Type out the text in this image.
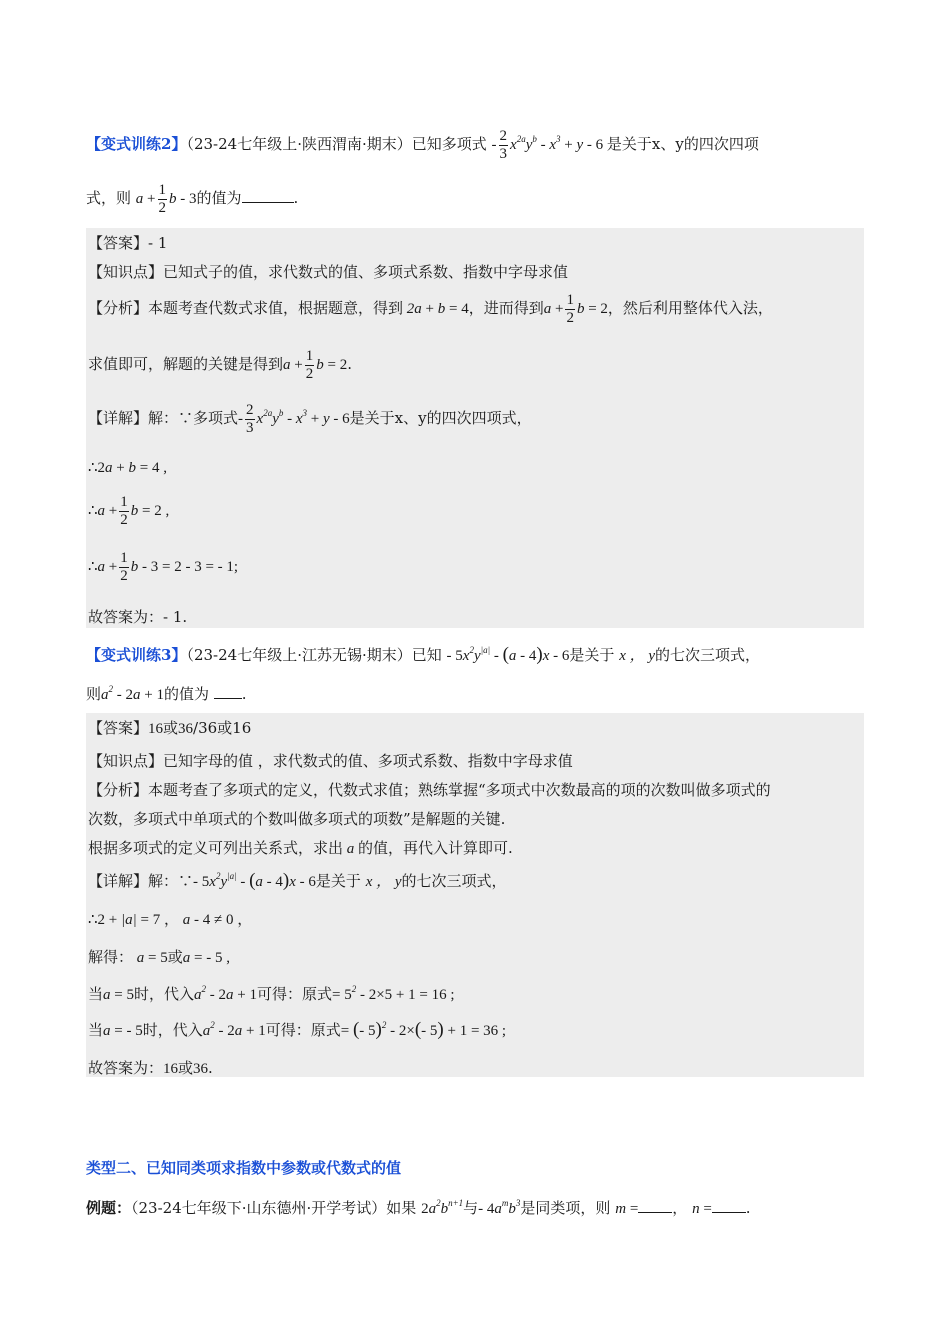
【变式训练2】（23-24七年级上·陕西渭南·期末）已知多项式 - $\frac{2}{3} x^{2a}y^b - x^3 + y - 6$ 是关于x、y的四次四项
式，则 $a + \frac{1}{2}$ b - 3的值为	.
【答案】- 1
【知识点】已知式子的值，求代数式的值、多项式系数、指数中字母求值
【分析】本题考查代数式求值，根据题意，得到 2a + b = 4，进而得到$a + \frac{1}{2}$ b = 2，然后利用整体代入法，
求值即可，解题的关键是得到$a + \frac{1}{2}$ b = 2.
【详解】解：∵多项式- $\frac{2}{3} x^{2a}y^b - x^3 + y - 6$是关于x、y的四次四项式，
∴2a + b = 4 ,
∴a + $\frac{1}{2}$ b = 2 ,
∴a + $\frac{1}{2}$ b - 3 = 2 - 3 = - 1;
故答案为：- 1.
【变式训练3】（23-24七年级上·江苏无锡·期末）已知 - $5x^2y^{|a|} - (a - 4)x - 6$是关于 x ， y的七次三项式，
则$a^2 - 2a + 1$的值为 .
【答案】16或36/36或16
【知识点】已知字母的值 ，求代数式的值、多项式系数、指数中字母求值
【分析】本题考查了多项式的定义，代数式求值；熟练掌握“多项式中次数最高的项的次数叫做多项式的
次数，多项式中单项式的个数叫做多项式的项数”是解题的关键.
根据多项式的定义可列出关系式，求出 a 的值，再代入计算即可.
【详解】解：∵- $5x^2y^{|a|} - (a - 4)x - 6$是关于 x ， y的七次三项式，
∴2 + |a| = 7 ， a - 4 ≠ 0 ，
解得： a = 5或a = - 5 ,
当a = 5时，代入$a^2 - 2a + 1$可得：原式= $5^2 - 2\times 5 + 1 = 16$ ;
当a = - 5时，代入$a^2 - 2a + 1$可得：原式= (- 5)$^2$ - 2×(- 5) + 1 = 36 ;
故答案为：16或36.
类型二、已知同类项求指数中参数或代数式的值
例题：（23-24七年级下·山东德州·开学考试）如果 $2a^2b^{n+1}$与- $4a^mb^3$是同类项，则 m = ， n = .
